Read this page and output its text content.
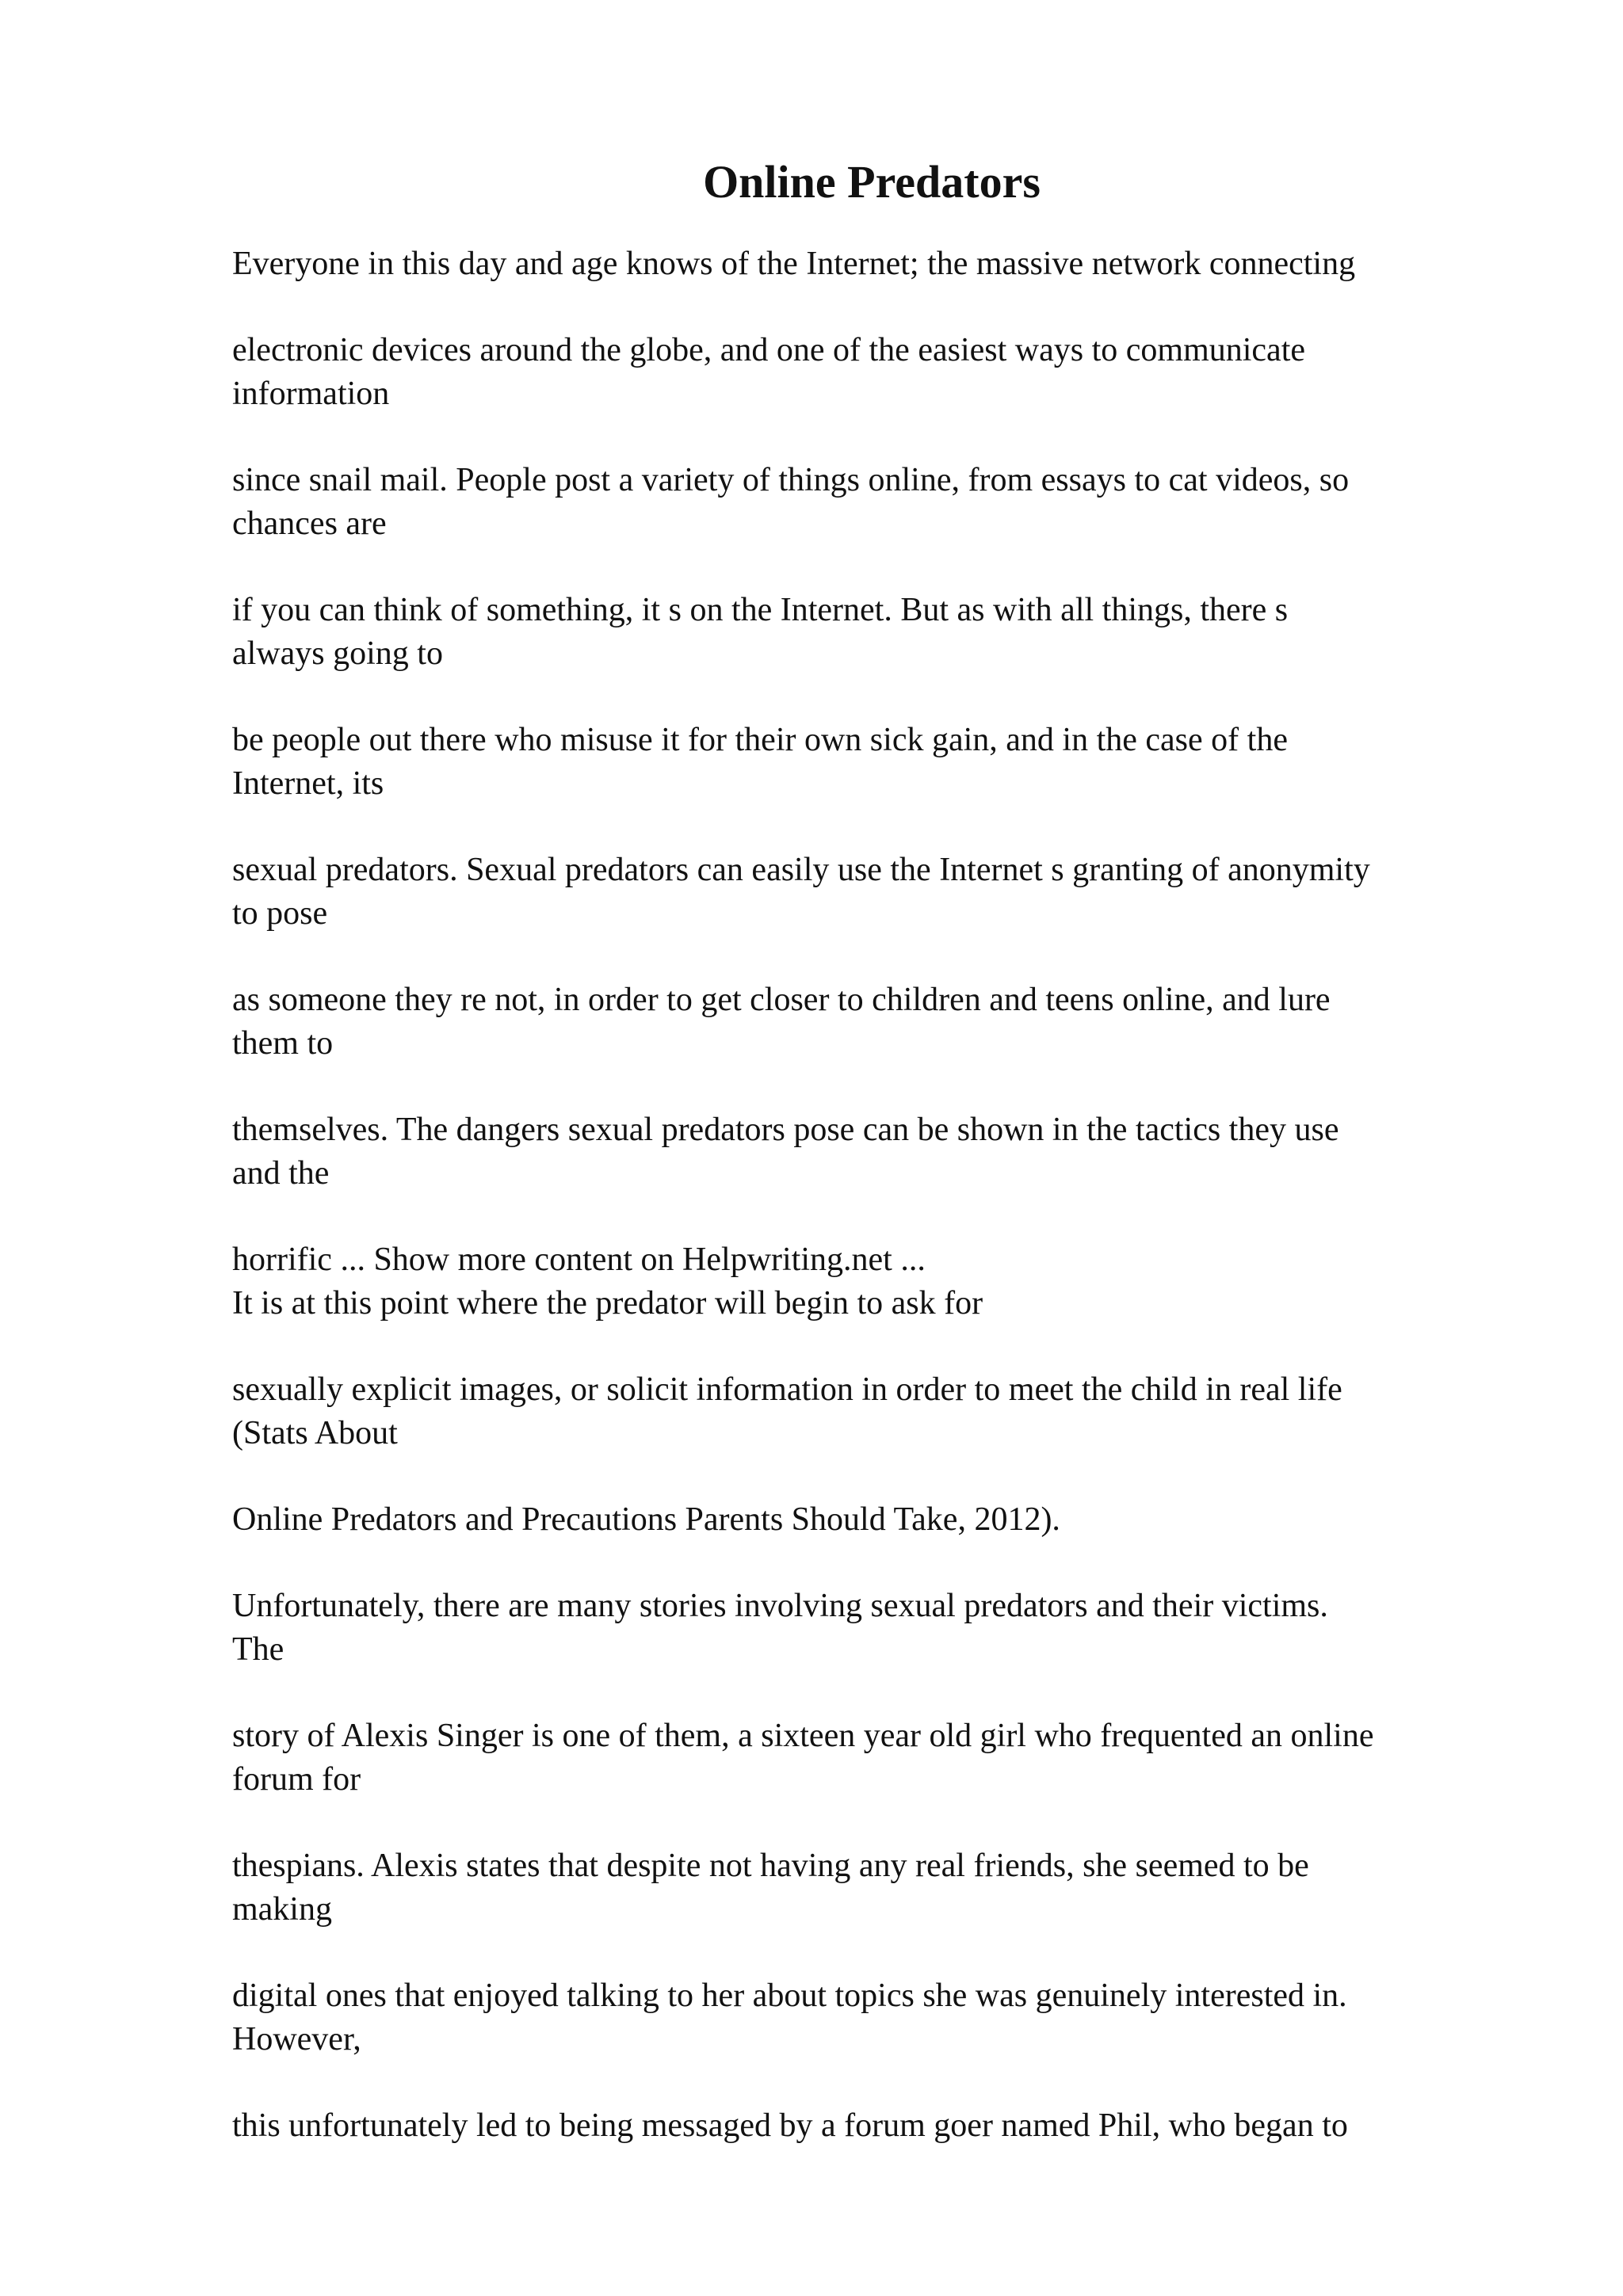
Online Predators
Everyone in this day and age knows of the Internet; the massive network connecting
electronic devices around the globe, and one of the easiest ways to communicate
information
since snail mail. People post a variety of things online, from essays to cat videos, so
chances are
if you can think of something, it s on the Internet. But as with all things, there s
always going to
be people out there who misuse it for their own sick gain, and in the case of the
Internet, its
sexual predators. Sexual predators can easily use the Internet s granting of anonymity
to pose
as someone they re not, in order to get closer to children and teens online, and lure
them to
themselves. The dangers sexual predators pose can be shown in the tactics they use
and the
horrific ... Show more content on Helpwriting.net ...
It is at this point where the predator will begin to ask for
sexually explicit images, or solicit information in order to meet the child in real life
(Stats About
Online Predators and Precautions Parents Should Take, 2012).
Unfortunately, there are many stories involving sexual predators and their victims.
The
story of Alexis Singer is one of them, a sixteen year old girl who frequented an online
forum for
thespians. Alexis states that despite not having any real friends, she seemed to be
making
digital ones that enjoyed talking to her about topics she was genuinely interested in.
However,
this unfortunately led to being messaged by a forum goer named Phil, who began to
